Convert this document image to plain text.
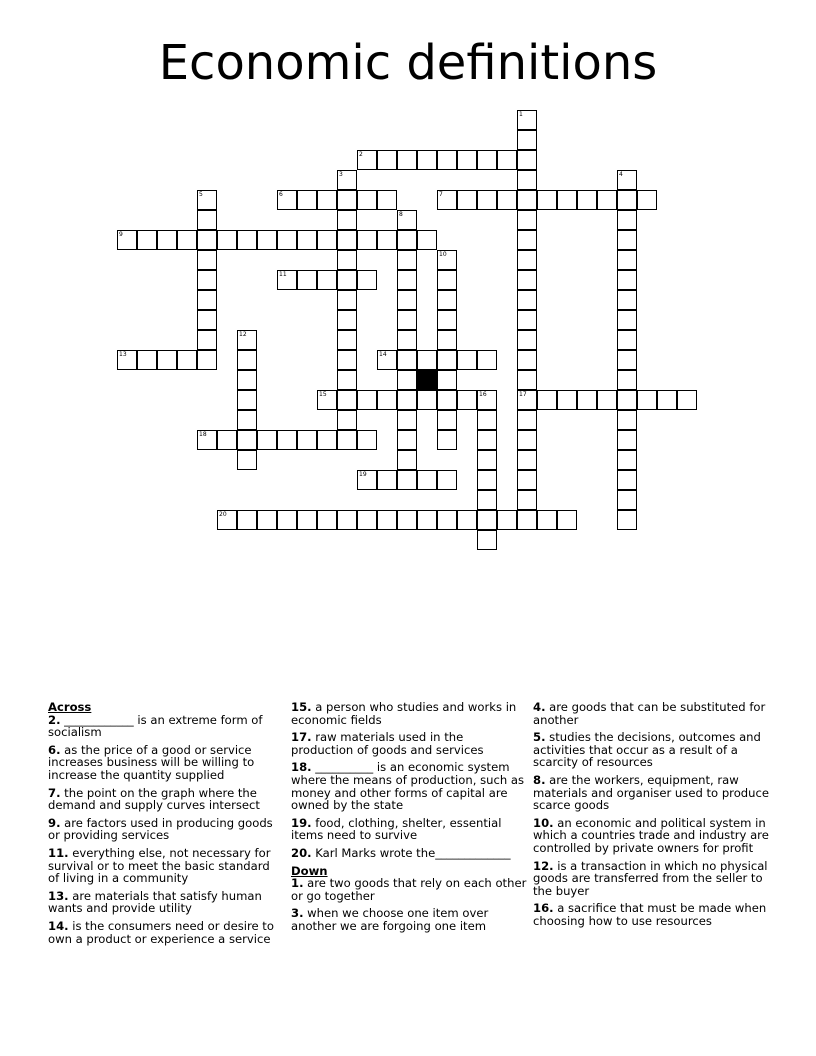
Economic definitions
1
17
2
3	4
5	6	7
8
9
10
11
12
13	14
15	16
18
19
20

Across

2. ____________ is an extreme form of socialism

6. as the price of a good or service increases business will be willing to increase the quantity supplied

7. the point on the graph where the demand and supply curves intersect

9. are factors used in producing goods or providing services

11. everything else, not necessary for survival or to meet the basic standard of living in a community

13. are materials that satisfy human wants and provide utility

14. is the consumers need or desire to own a product or experience a service

15. a person who studies and works in economic fields

17. raw materials used in the production of goods and services

18. __________ is an economic system where the means of production, such as money and other forms of capital are owned by the state

19. food, clothing, shelter, essential items need to survive

20. Karl Marks wrote the_____________

Down

1. are two goods that rely on each other or go together

3. when we choose one item over another we are forgoing one item

4. are goods that can be substituted for another

5. studies the decisions, outcomes and activities that occur as a result of a scarcity of resources

8. are the workers, equipment, raw materials and organiser used to produce scarce goods

10. an economic and political system in which a countries trade and industry are controlled by private owners for profit

12. is a transaction in which no physical goods are transferred from the seller to the buyer

16. a sacrifice that must be made when choosing how to use resources
